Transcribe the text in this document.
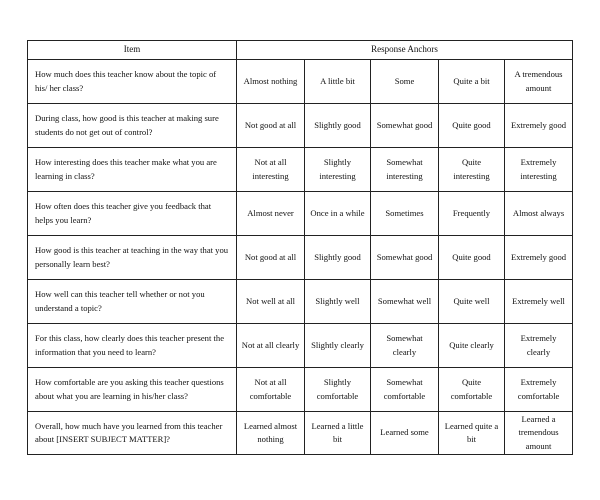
Item	Response Anchors				
How much does this teacher know about the topic of his/ her class?	Almost nothing	A little bit	Some	Quite a bit	A tremendous amount
During class, how good is this teacher at making sure students do not get out of control?	Not good at all	Slightly good	Somewhat good	Quite good	Extremely good
How interesting does this teacher make what you are learning in class?	Not at all interesting	Slightly interesting	Somewhat interesting	Quite interesting	Extremely interesting
How often does this teacher give you feedback that helps you learn?	Almost never	Once in a while	Sometimes	Frequently	Almost always
How good is this teacher at teaching in the way that you personally learn best?	Not good at all	Slightly good	Somewhat good	Quite good	Extremely good
How well can this teacher tell whether or not you understand a topic?	Not well at all	Slightly well	Somewhat well	Quite well	Extremely well
For this class, how clearly does this teacher present the information that you need to learn?	Not at all clearly	Slightly clearly	Somewhat clearly	Quite clearly	Extremely clearly
How comfortable are you asking this teacher questions about what you are learning in his/her class?	Not at all comfortable	Slightly comfortable	Somewhat comfortable	Quite comfortable	Extremely comfortable
Overall, how much have you learned from this teacher about [INSERT SUBJECT MATTER]?	Learned almost nothing	Learned a little bit	Learned some	Learned quite a bit	Learned a tremendous amount
